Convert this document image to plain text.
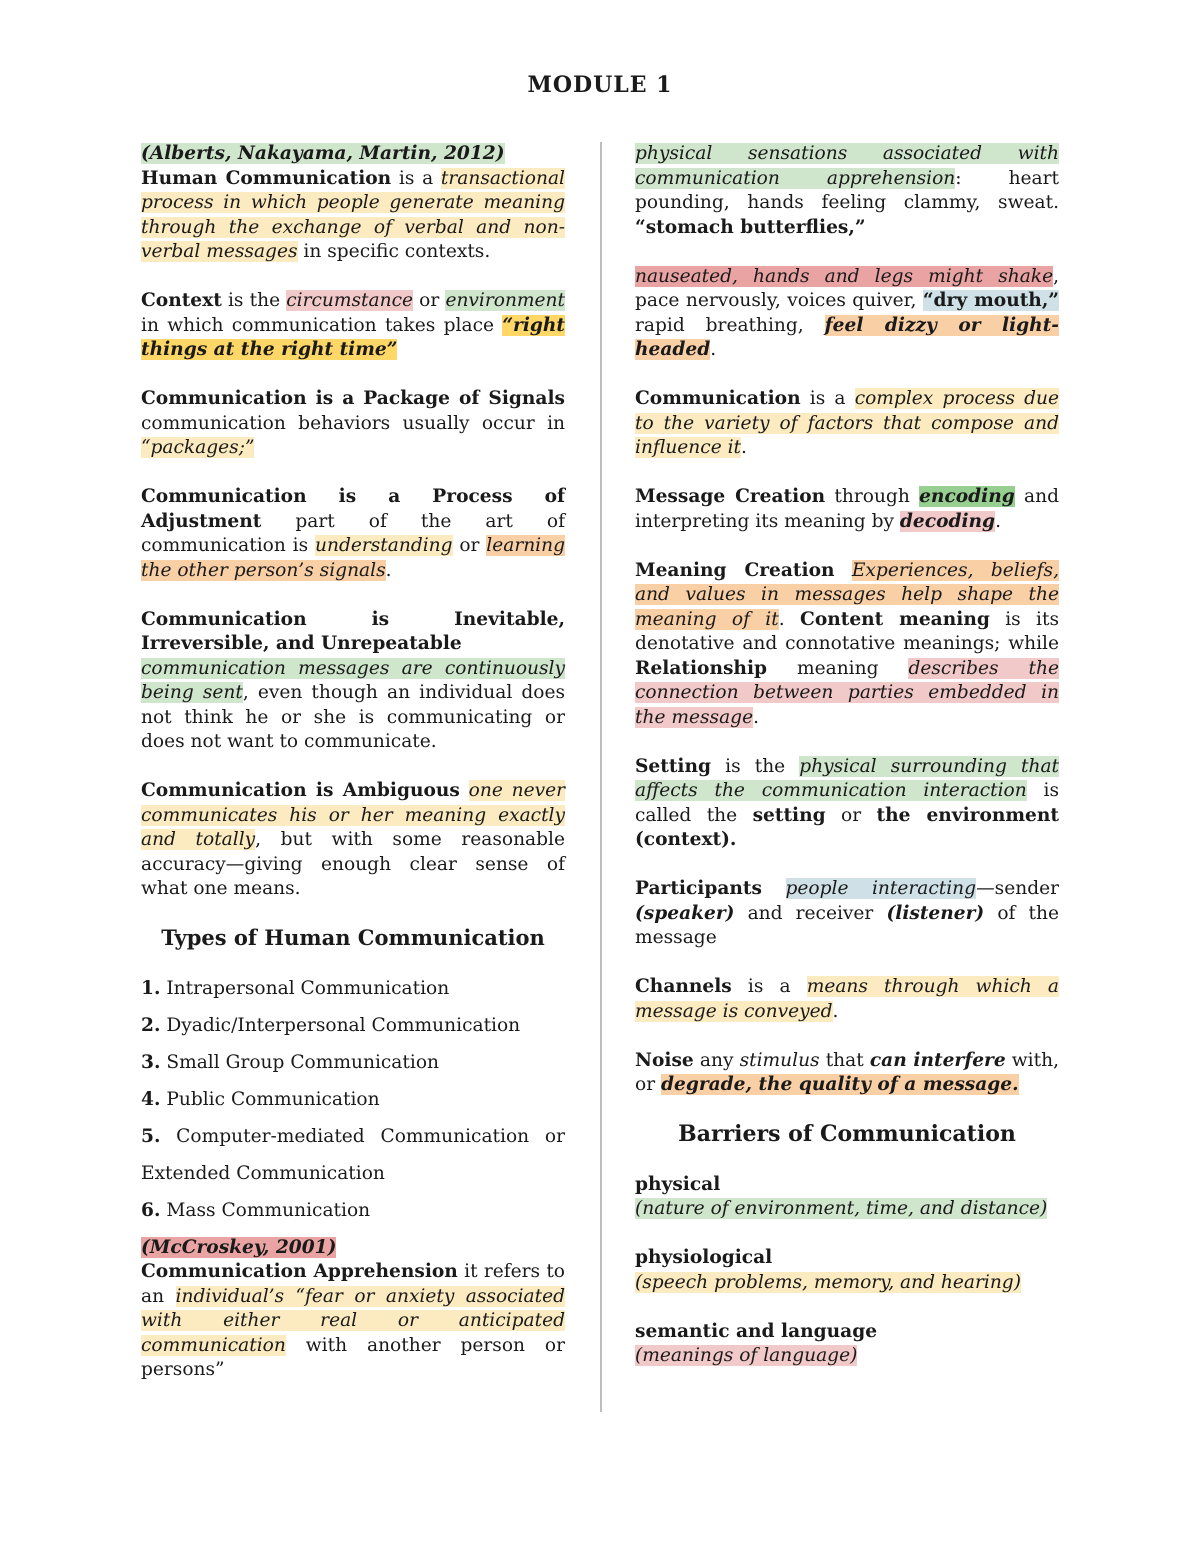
MODULE 1

(Alberts, Nakayama, Martin, 2012)

Human Communication is a transactional process in which people generate meaning through the exchange of verbal and non-verbal messages in specific contexts.

Context is the circumstance or environment in which communication takes place “right things at the right time”

Communication is a Package of Signals communication behaviors usually occur in “packages;”

Communication is a Process of Adjustment part of the art of communication is understanding or learning the other person’s signals.

Communication is Inevitable, Irreversible, and Unrepeatable
communication messages are continuously being sent, even though an individual does not think he or she is communicating or does not want to communicate.

Communication is Ambiguous one never communicates his or her meaning exactly and totally, but with some reasonable accuracy—giving enough clear sense of what one means.

Types of Human Communication
1. Intrapersonal Communication
2. Dyadic/Interpersonal Communication
3. Small Group Communication
4. Public Communication
5. Computer-mediated Communication or
Extended Communication
6. Mass Communication

(McCroskey, 2001)

Communication Apprehension it refers to an individual’s “fear or anxiety associated with either real or anticipated communication with another person or persons”

physical sensations associated with communication apprehension: heart pounding, hands feeling clammy, sweat. “stomach butterflies,”

nauseated, hands and legs might shake, pace nervously, voices quiver, “dry mouth,” rapid breathing, feel dizzy or light-headed.

Communication is a complex process due to the variety of factors that compose and influence it.

Message Creation through encoding and interpreting its meaning by decoding.

Meaning Creation Experiences, beliefs, and values in messages help shape the meaning of it. Content meaning is its denotative and connotative meanings; while Relationship meaning describes the connection between parties embedded in the message.

Setting is the physical surrounding that affects the communication interaction is called the setting or the environment (context).

Participants people interacting—sender (speaker) and receiver (listener) of the message

Channels is a means through which a message is conveyed.

Noise any stimulus that can interfere with, or degrade, the quality of a message.

Barriers of Communication

physical
(nature of environment, time, and distance)

physiological
(speech problems, memory, and hearing)

semantic and language
(meanings of language)
